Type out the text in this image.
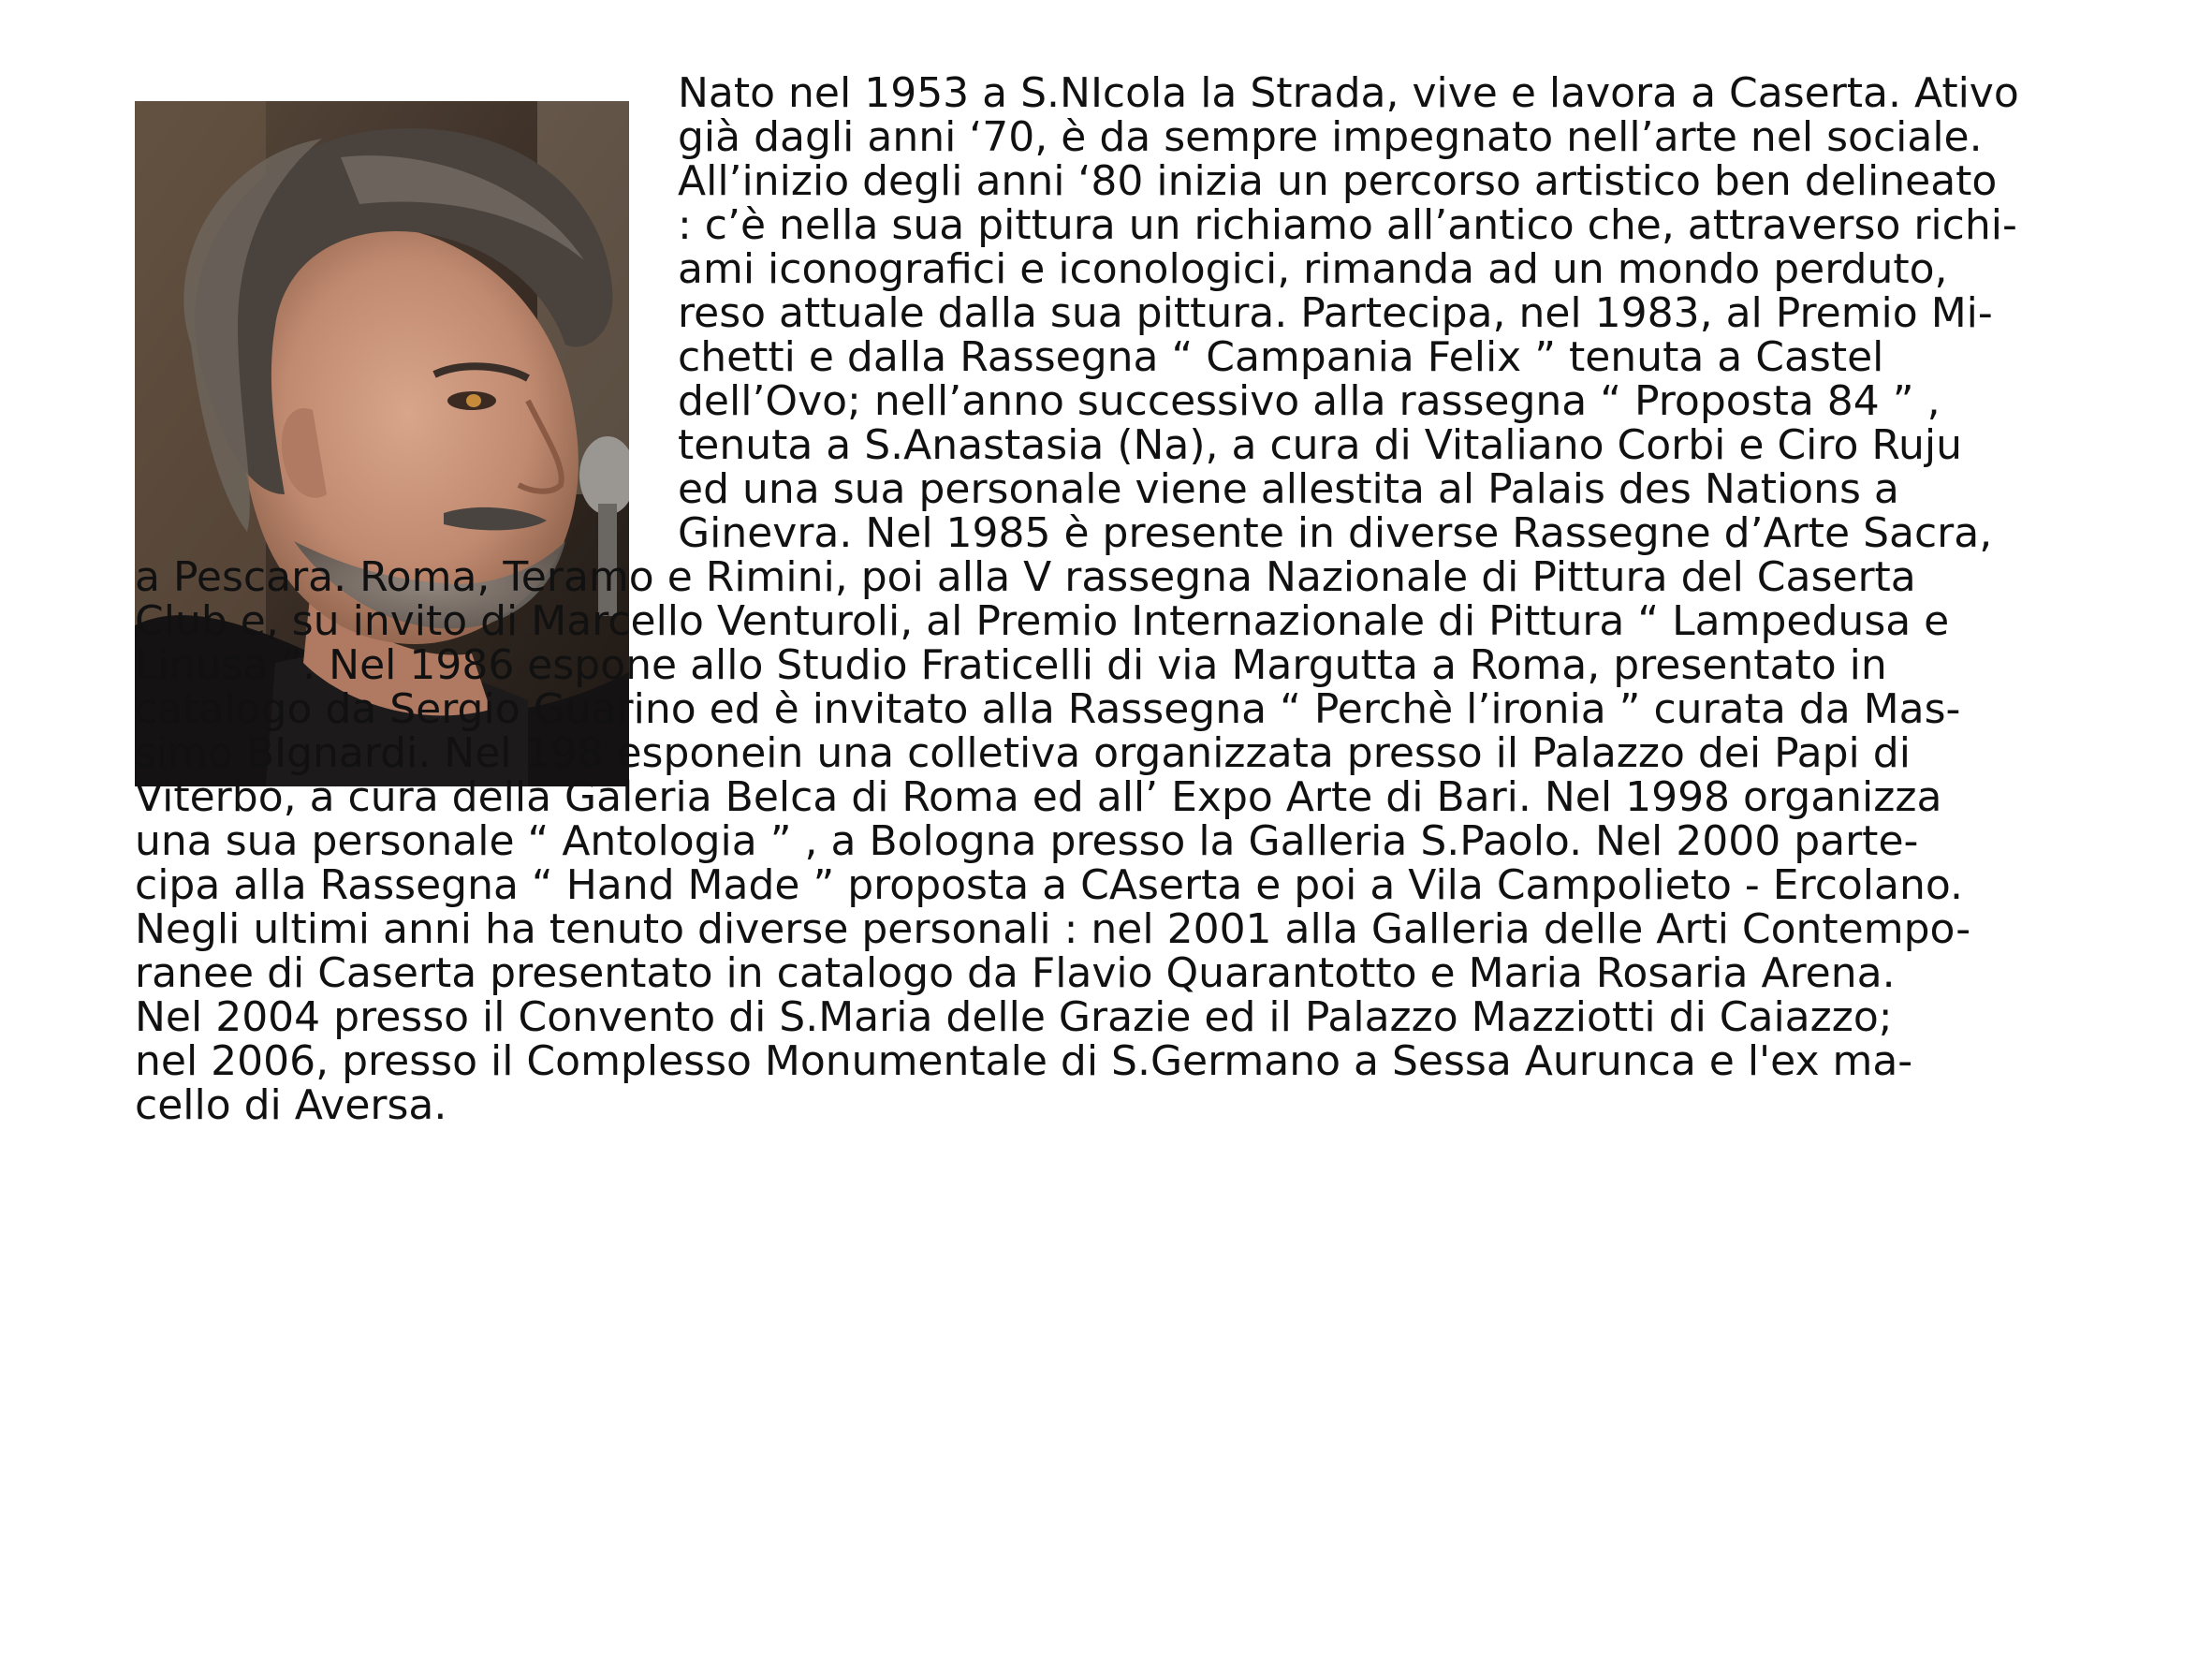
Nato nel 1953 a S.NIcola la Strada, vive e lavora a Caserta. Ativo
già dagli anni ‘70, è da sempre impegnato nell’arte nel sociale.
All’inizio degli anni ‘80 inizia un percorso artistico ben delineato
: c’è nella sua pittura un richiamo all’antico che, attraverso richi-
ami iconografici e iconologici, rimanda ad un mondo perduto,
reso attuale dalla sua pittura. Partecipa, nel 1983, al Premio Mi-
chetti e dalla Rassegna “ Campania Felix ” tenuta a Castel
dell’Ovo; nell’anno successivo alla rassegna “ Proposta 84 ” ,
tenuta a S.Anastasia (Na), a cura di Vitaliano Corbi e Ciro Ruju
ed una sua personale viene allestita al Palais des Nations a
Ginevra. Nel 1985 è presente in diverse Rassegne d’Arte Sacra,
a Pescara. Roma, Teramo e Rimini, poi alla V rassegna Nazionale di Pittura del Caserta
Club e, su invito di Marcello Venturoli, al Premio Internazionale di Pittura “ Lampedusa e
Linusa ”. Nel 1986 espone allo Studio Fraticelli di via Margutta a Roma, presentato in
catalogo da Sergio Guarino ed è invitato alla Rassegna “ Perchè l’ironia ” curata da Mas-
simo BIgnardi. Nel 198 esponein una colletiva organizzata presso il Palazzo dei Papi di
Viterbo, a cura della Galeria Belca di Roma ed all’ Expo Arte di Bari. Nel 1998 organizza
una sua personale “ Antologia ” , a Bologna presso la Galleria S.Paolo. Nel 2000 parte-
cipa alla Rassegna “ Hand Made ” proposta a CAserta e poi a Vila Campolieto - Ercolano.
Negli ultimi anni ha tenuto diverse personali : nel 2001 alla Galleria delle Arti Contempo-
ranee di Caserta presentato in catalogo da Flavio Quarantotto e Maria Rosaria Arena.
Nel 2004 presso il Convento di S.Maria delle Grazie ed il Palazzo Mazziotti di Caiazzo;
nel 2006, presso il Complesso Monumentale di S.Germano a Sessa Aurunca e l'ex ma-
cello di Aversa.
